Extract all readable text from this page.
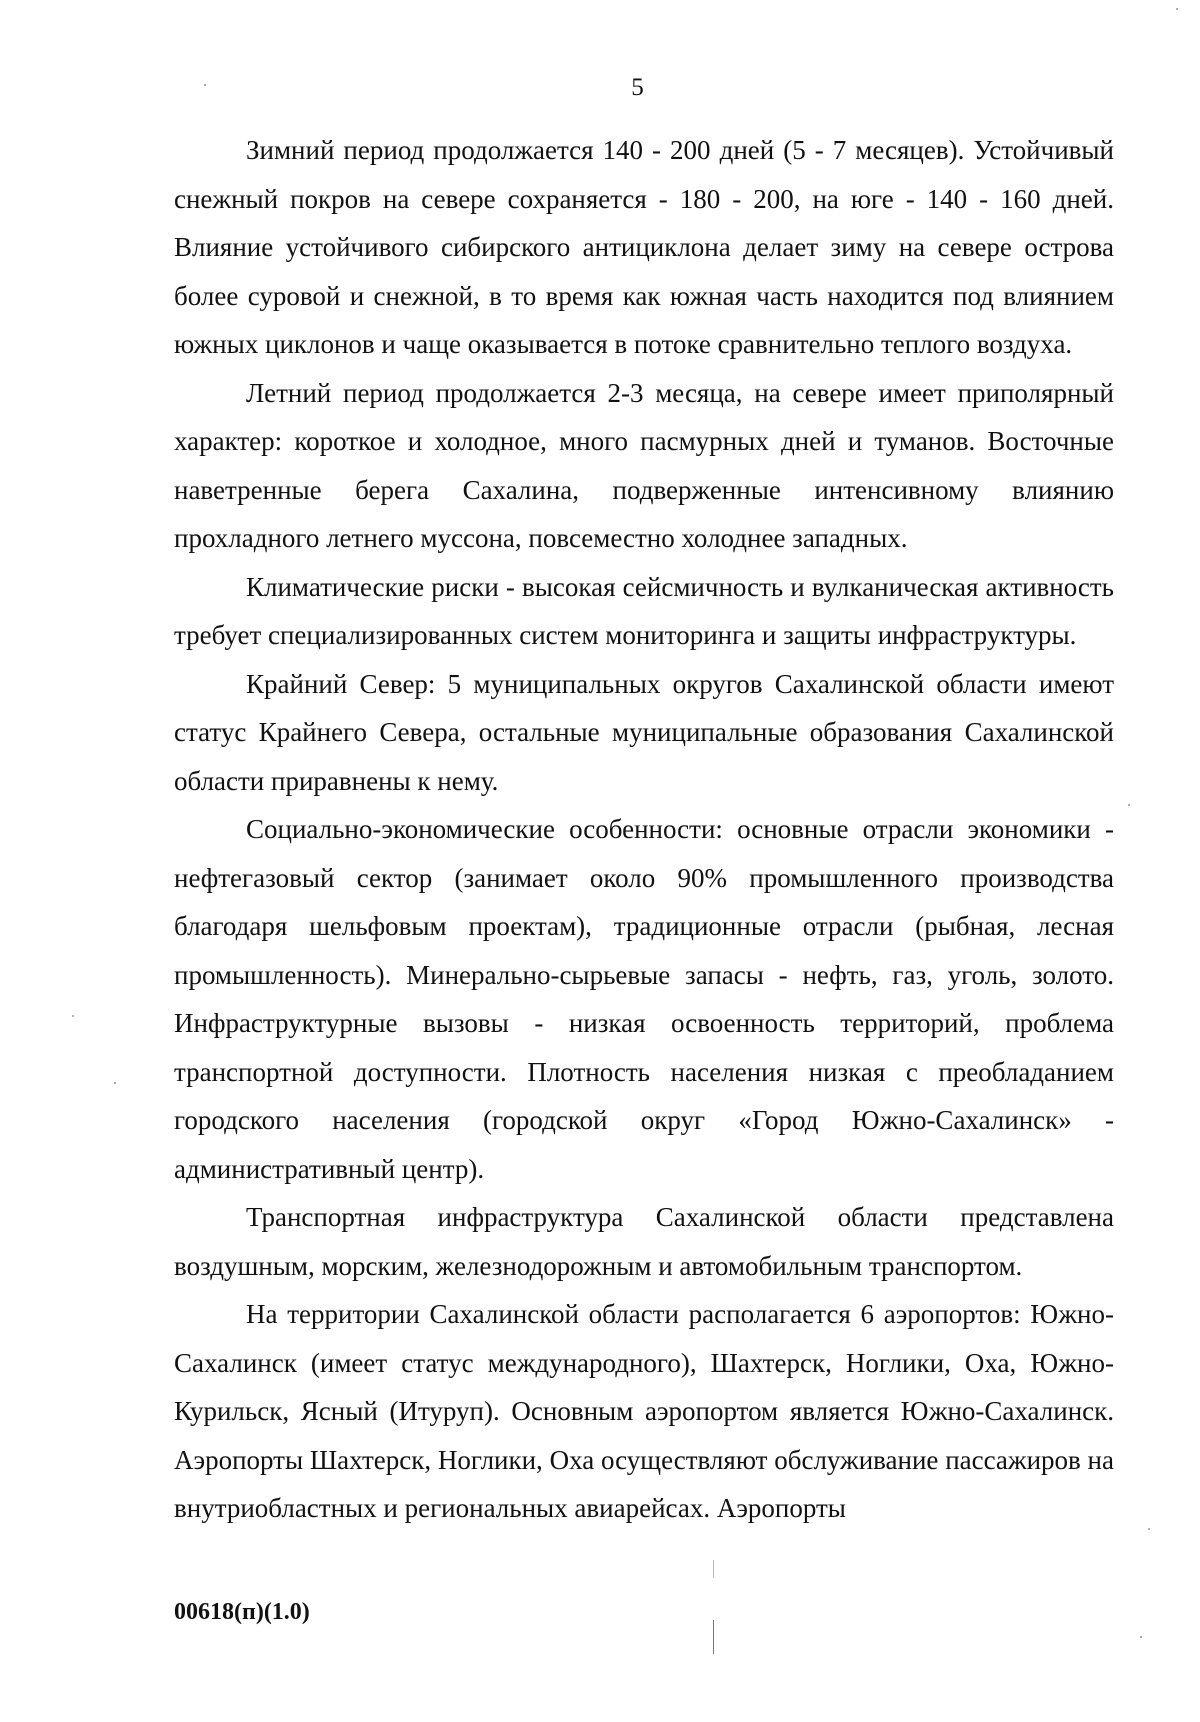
5

Зимний период продолжается 140 - 200 дней (5 - 7 месяцев). Устойчивый снежный покров на севере сохраняется - 180 - 200, на юге - 140 - 160 дней. Влияние устойчивого сибирского антициклона делает зиму на севере острова более суровой и снежной, в то время как южная часть находится под влиянием южных циклонов и чаще оказывается в потоке сравнительно теплого воздуха.

Летний период продолжается 2-3 месяца, на севере имеет приполярный характер: короткое и холодное, много пасмурных дней и туманов. Восточные наветренные берега Сахалина, подверженные интенсивному влиянию прохладного летнего муссона, повсеместно холоднее западных.

Климатические риски - высокая сейсмичность и вулканическая активность требует специализированных систем мониторинга и защиты инфраструктуры.

Крайний Север: 5 муниципальных округов Сахалинской области имеют статус Крайнего Севера, остальные муниципальные образования Сахалинской области приравнены к нему.

Социально-экономические особенности: основные отрасли экономики - нефтегазовый сектор (занимает около 90% промышленного производства благодаря шельфовым проектам), традиционные отрасли (рыбная, лесная промышленность). Минерально-сырьевые запасы - нефть, газ, уголь, золото. Инфраструктурные вызовы - низкая освоенность территорий, проблема транспортной доступности. Плотность населения низкая с преобладанием городского населения (городской округ «Город Южно-Сахалинск» - административный центр).

Транспортная инфраструктура Сахалинской области представлена воздушным, морским, железнодорожным и автомобильным транспортом.

На территории Сахалинской области располагается 6 аэропортов: Южно-Сахалинск (имеет статус международного), Шахтерск, Ноглики, Оха, Южно-Курильск, Ясный (Итуруп). Основным аэропортом является Южно-Сахалинск. Аэропорты Шахтерск, Ноглики, Оха осуществляют обслуживание пассажиров на внутриобластных и региональных авиарейсах. Аэропорты

00618(п)(1.0)
